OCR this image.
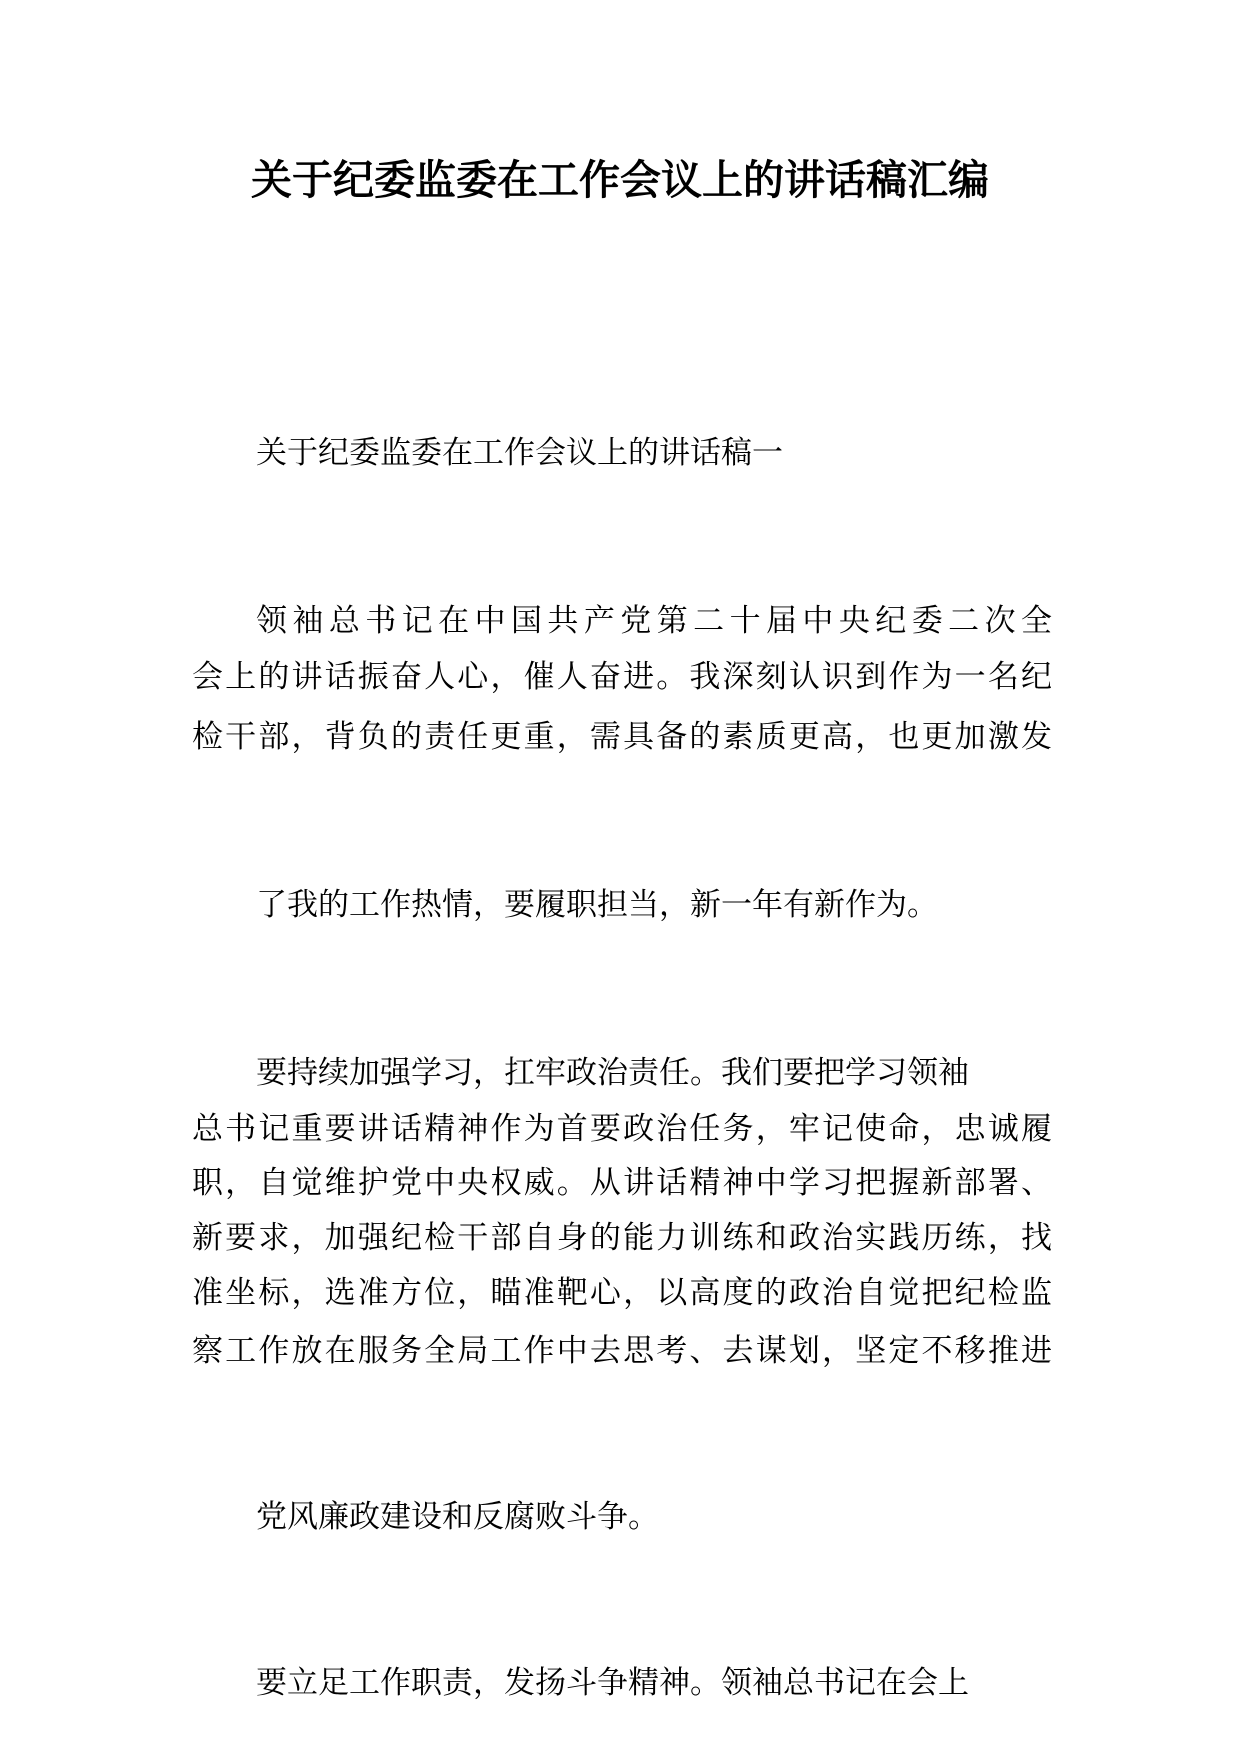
关于纪委监委在工作会议上的讲话稿汇编

关于纪委监委在工作会议上的讲话稿一

领袖总书记在中国共产党第二十届中央纪委二次全

会上的讲话振奋人心，催人奋进。我深刻认识到作为一名纪

检干部，背负的责任更重，需具备的素质更高，也更加激发

了我的工作热情，要履职担当，新一年有新作为。

要持续加强学习，扛牢政治责任。我们要把学习领袖

总书记重要讲话精神作为首要政治任务，牢记使命，忠诚履

职，自觉维护党中央权威。从讲话精神中学习把握新部署、

新要求，加强纪检干部自身的能力训练和政治实践历练，找

准坐标，选准方位，瞄准靶心，以高度的政治自觉把纪检监

察工作放在服务全局工作中去思考、去谋划，坚定不移推进

党风廉政建设和反腐败斗争。

要立足工作职责，发扬斗争精神。领袖总书记在会上
